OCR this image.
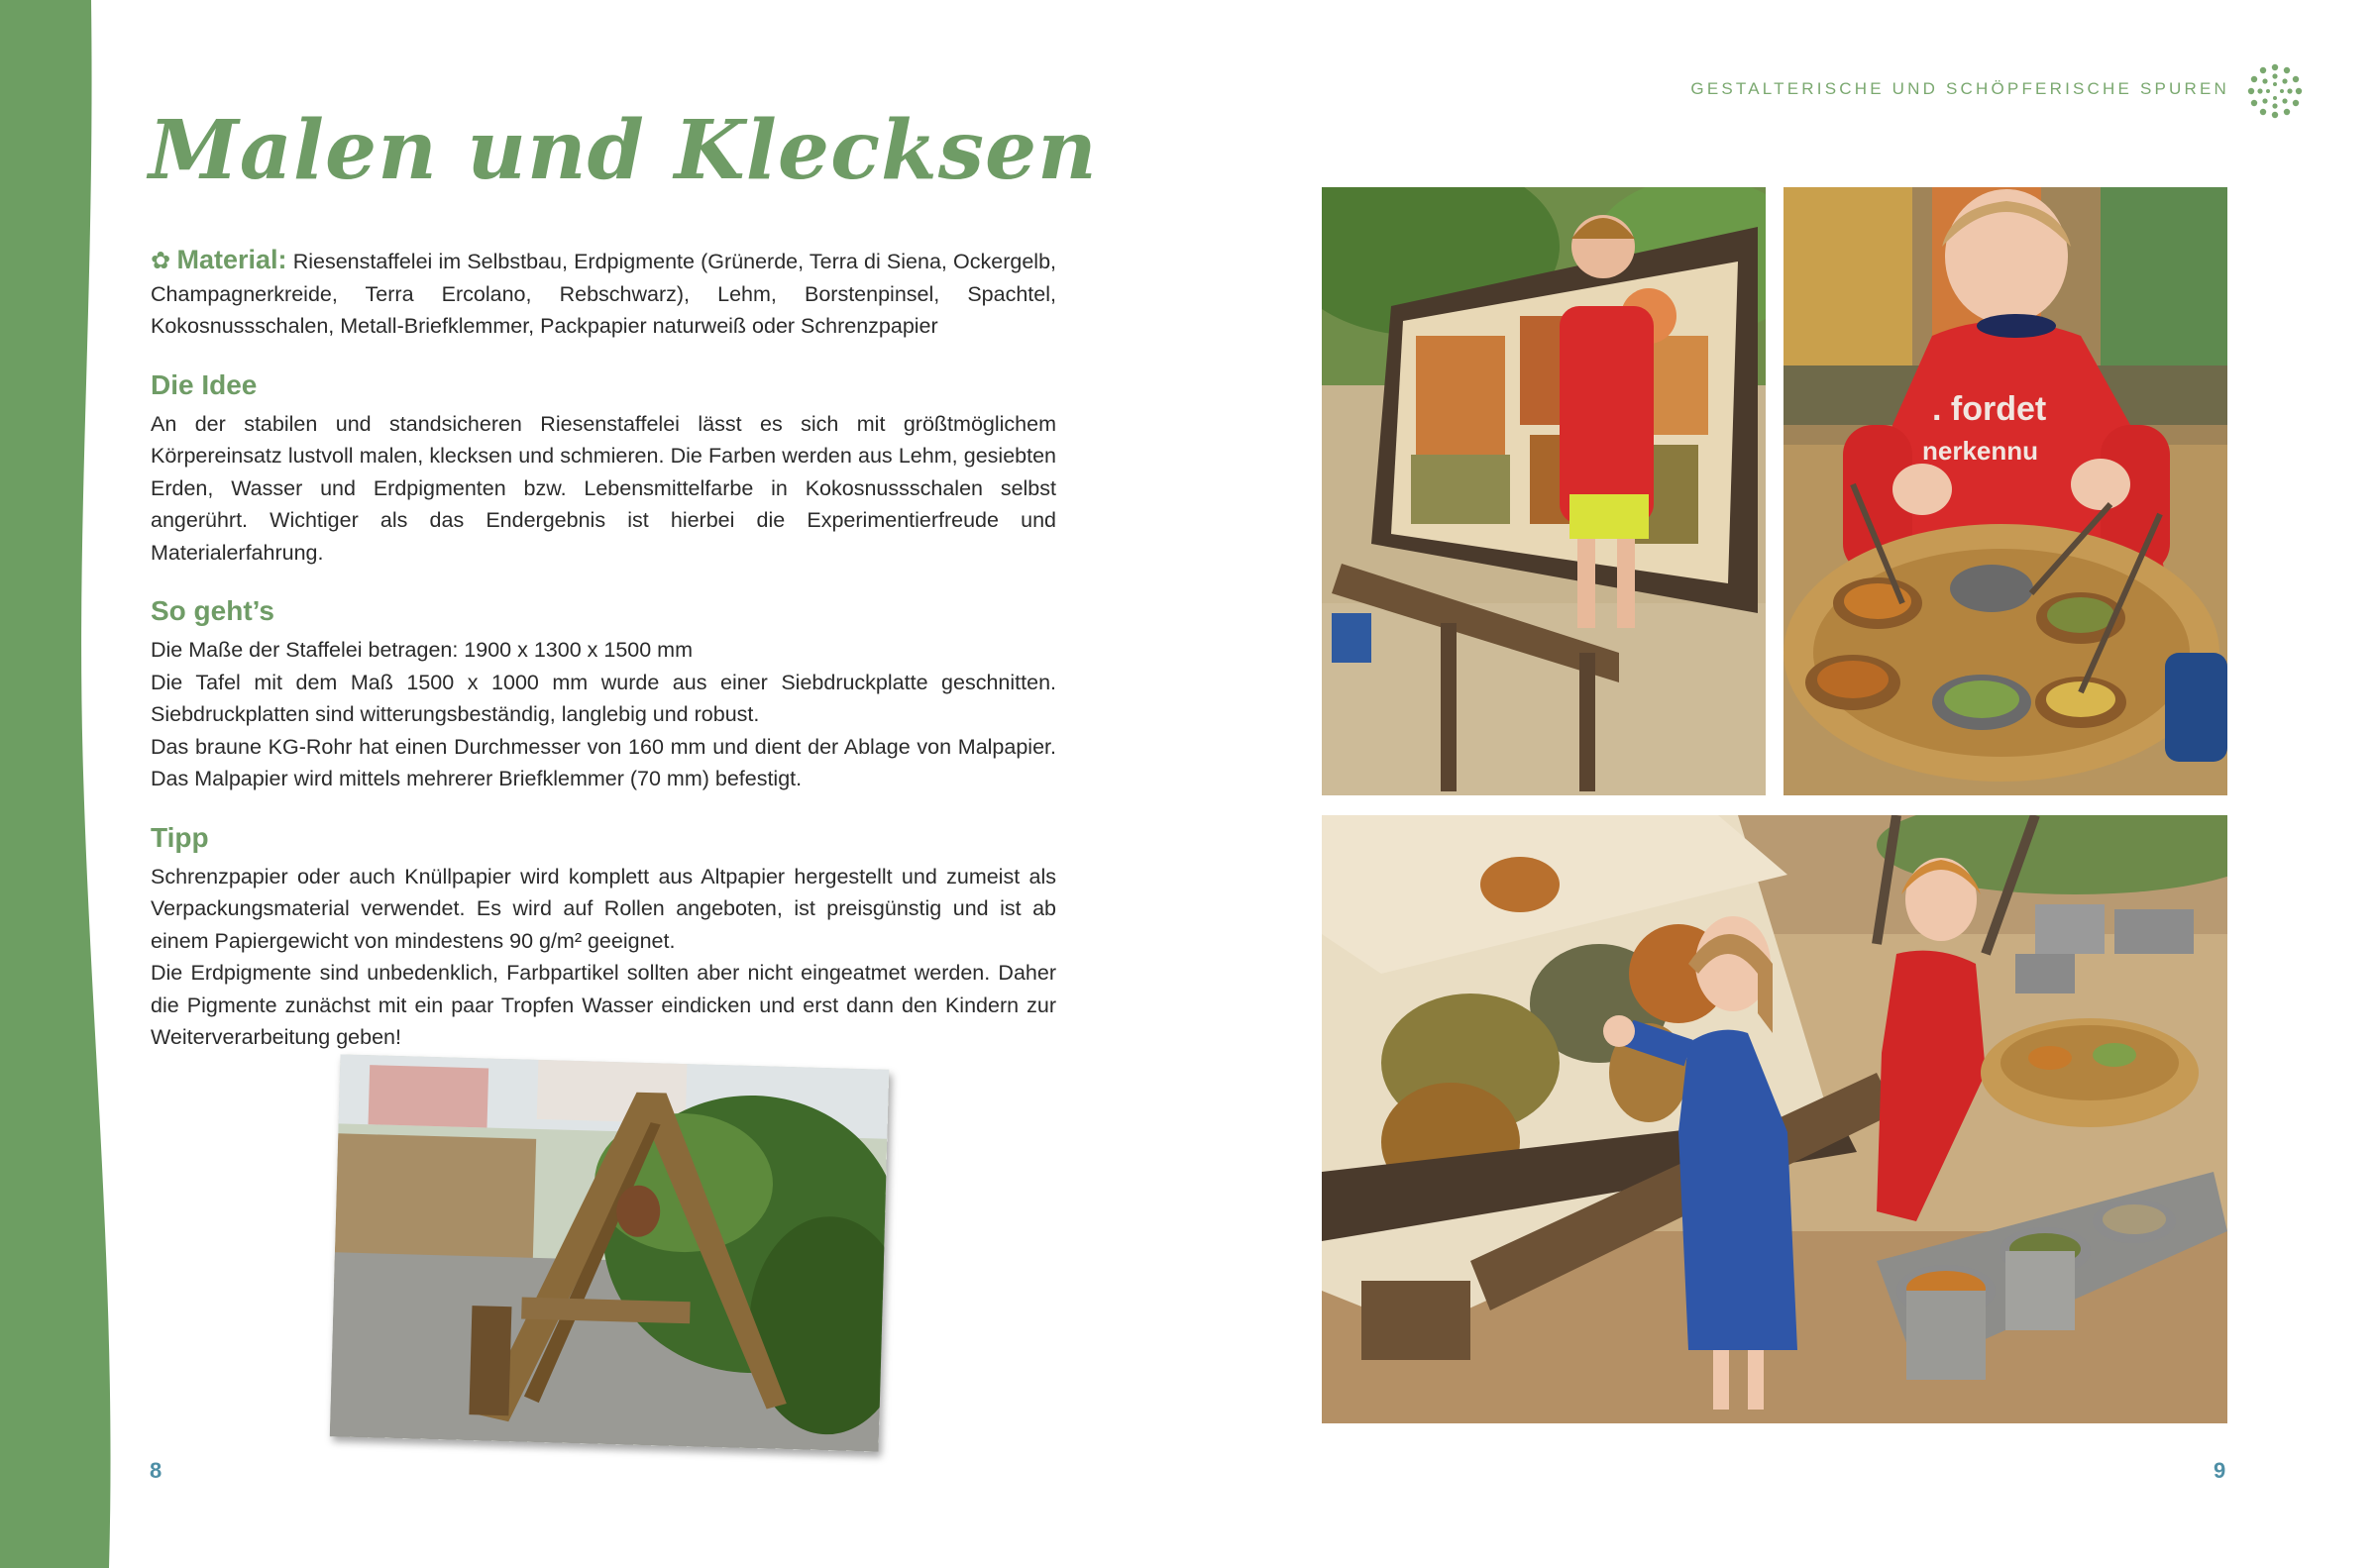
GESTALTERISCHE UND SCHÖPFERISCHE SPUREN
Malen und Klecksen

✿ Material: Riesenstaffelei im Selbstbau, Erdpigmente (Grünerde, Terra di Siena, Ockergelb, Champagnerkreide, Terra Ercolano, Rebschwarz), Lehm, Borstenpinsel, Spachtel, Kokosnussschalen, Metall-Briefklemmer, Packpapier naturweiß oder Schrenzpapier

Die Idee

An der stabilen und standsicheren Riesenstaffelei lässt es sich mit größtmöglichem Körpereinsatz lustvoll malen, klecksen und schmieren. Die Farben werden aus Lehm, gesiebten Erden, Wasser und Erdpigmenten bzw. Lebensmittelfarbe in Kokosnussschalen selbst angerührt. Wichtiger als das Endergebnis ist hierbei die Experimentierfreude und Materialerfahrung.

So geht’s

Die Maße der Staffelei betragen: 1900 x 1300 x 1500 mm

Die Tafel mit dem Maß 1500 x 1000 mm wurde aus einer Siebdruckplatte geschnitten. Siebdruckplatten sind witterungsbeständig, langlebig und robust.

Das braune KG-Rohr hat einen Durchmesser von 160 mm und dient der Ablage von Malpapier. Das Malpapier wird mittels mehrerer Briefklemmer (70 mm) befestigt.

Tipp

Schrenzpapier oder auch Knüllpapier wird komplett aus Altpapier hergestellt und zumeist als Verpackungsmaterial verwendet. Es wird auf Rollen angeboten, ist preisgünstig und ist ab einem Papiergewicht von mindestens 90 g/m² geeignet.

Die Erdpigmente sind unbedenklich, Farbpartikel sollten aber nicht eingeatmet werden. Daher die Pigmente zunächst mit ein paar Tropfen Wasser eindicken und erst dann den Kindern zur Weiterverarbeitung geben!

. fordet
nerkennu
8	9
